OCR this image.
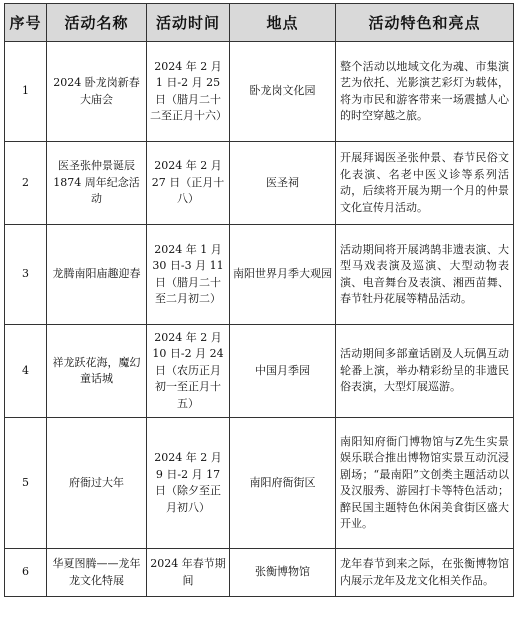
序号	活动名称	活动时间	地点	活动特色和亮点
1	2024 卧龙岗新春大庙会	2024 年 2 月 1 日-2 月 25 日（腊月二十二至正月十六）	卧龙岗文化园	整个活动以地域文化为魂、市集演艺为依托、光影演艺彩灯为载体，将为市民和游客带来一场震撼人心的时空穿越之旅。
2	医圣张仲景诞辰 1874 周年纪念活动	2024 年 2 月 27 日（正月十八）	医圣祠	开展拜谒医圣张仲景、春节民俗文化表演、名老中医义诊等系列活动，后续将开展为期一个月的仲景文化宣传月活动。
3	龙腾南阳庙趣迎春	2024 年 1 月 30 日-3 月 11 日（腊月二十至二月初二）	南阳世界月季大观园	活动期间将开展鸿鹄非遗表演、大型马戏表演及巡演、大型动物表演、电音舞台及表演、湘西苗舞、春节牡丹花展等精品活动。
4	祥龙跃花海，魔幻童话城	2024 年 2 月 10 日-2 月 24 日（农历正月初一至正月十五）	中国月季园	活动期间多部童话剧及人玩偶互动轮番上演，举办精彩纷呈的非遗民俗表演，大型灯展巡游。
5	府衙过大年	2024 年 2 月 9 日-2 月 17 日（除夕至正月初八）	南阳府衙街区	南阳知府衙门博物馆与Z先生实景娱乐联合推出博物馆实景互动沉浸剧场；“最南阳”文创类主题活动以及汉服秀、游园打卡等特色活动；醉民国主题特色休闲美食街区盛大开业。
6	华夏图腾——龙年龙文化特展	2024 年春节期间	张衡博物馆	龙年春节到来之际，在张衡博物馆内展示龙年及龙文化相关作品。
